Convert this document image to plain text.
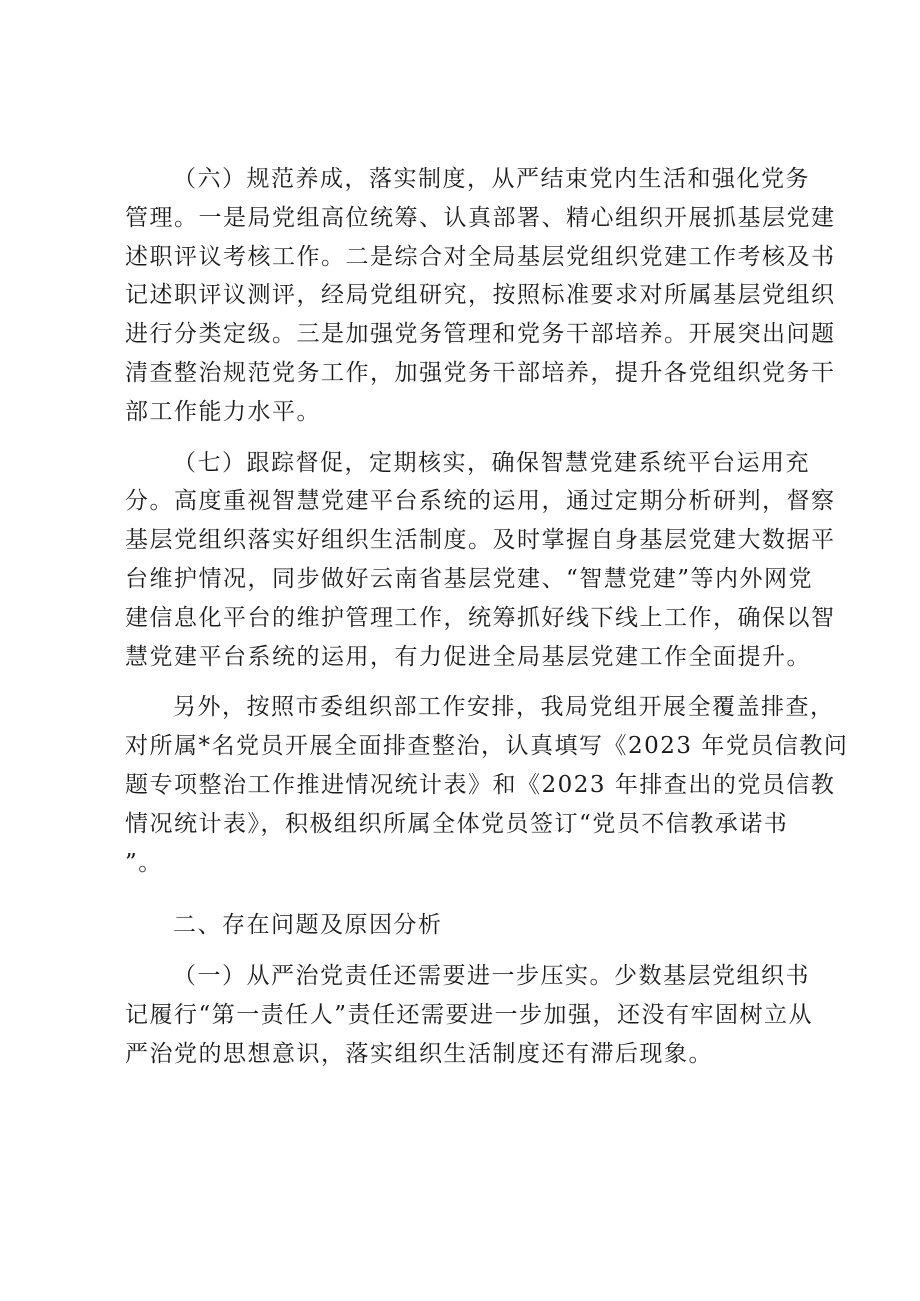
（六）规范养成，落实制度，从严结束党内生活和强化党务
管理。一是局党组高位统筹、认真部署、精心组织开展抓基层党建
述职评议考核工作。二是综合对全局基层党组织党建工作考核及书
记述职评议测评，经局党组研究，按照标准要求对所属基层党组织
进行分类定级。三是加强党务管理和党务干部培养。开展突出问题
清查整治规范党务工作，加强党务干部培养，提升各党组织党务干
部工作能力水平。

（七）跟踪督促，定期核实，确保智慧党建系统平台运用充
分。高度重视智慧党建平台系统的运用，通过定期分析研判，督察
基层党组织落实好组织生活制度。及时掌握自身基层党建大数据平
台维护情况，同步做好云南省基层党建、“智慧党建”等内外网党
建信息化平台的维护管理工作，统筹抓好线下线上工作，确保以智
慧党建平台系统的运用，有力促进全局基层党建工作全面提升。

另外，按照市委组织部工作安排，我局党组开展全覆盖排查，
对所属*名党员开展全面排查整治，认真填写《2023 年党员信教问
题专项整治工作推进情况统计表》和《2023 年排查出的党员信教
情况统计表》，积极组织所属全体党员签订“党员不信教承诺书
”。

二、存在问题及原因分析

（一）从严治党责任还需要进一步压实。少数基层党组织书
记履行“第一责任人”责任还需要进一步加强，还没有牢固树立从
严治党的思想意识，落实组织生活制度还有滞后现象。
